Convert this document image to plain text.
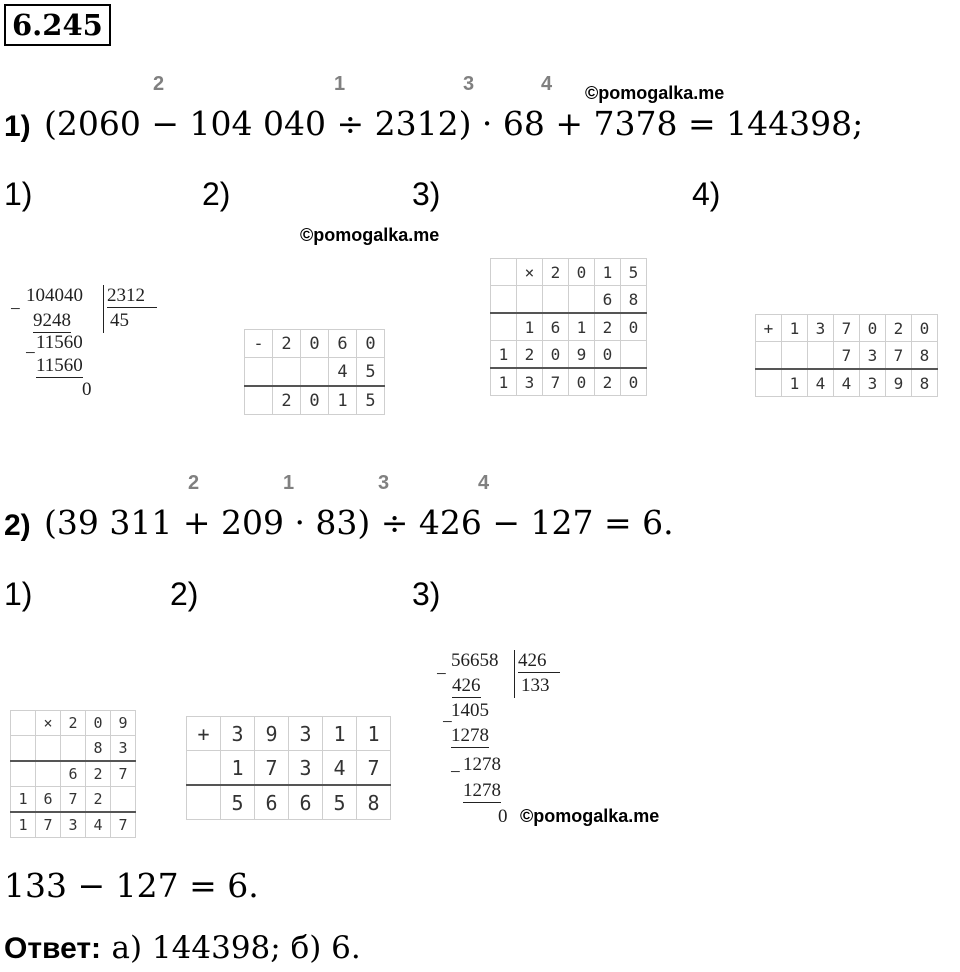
6.245
2	1	3	4 ©pomogalka.me
1) (2060 − 104 040 ÷ 2312) · 68 + 7378 = 144398;
1)	2)	3)	4)
©pomogalka.me
−
104040 2312
45
9248
−
11560
11560
0
-	2	0	6	0
			4	5
	2	0	1	5
	×	2	0	1	5
				6	8
	1	6	1	2	0
1	2	0	9	0	
1	3	7	0	2	0
+	1	3	7	0	2	0
			7	3	7	8
	1	4	4	3	9	8
2	1	3	4
2) (39 311 + 209 · 83) ÷ 426 − 127 = 6.
1)	2)	3)
	×	2	0	9
			8	3
		6	2	7
1	6	7	2	
1	7	3	4	7
+	3	9	3	1	1
	1	7	3	4	7
	5	6	6	5	8
−
56658 426
133
426
−
1405
1278
− 1278
1278
0 ©pomogalka.me
133 − 127 = 6.
Ответ: а) 144398; б) 6.
